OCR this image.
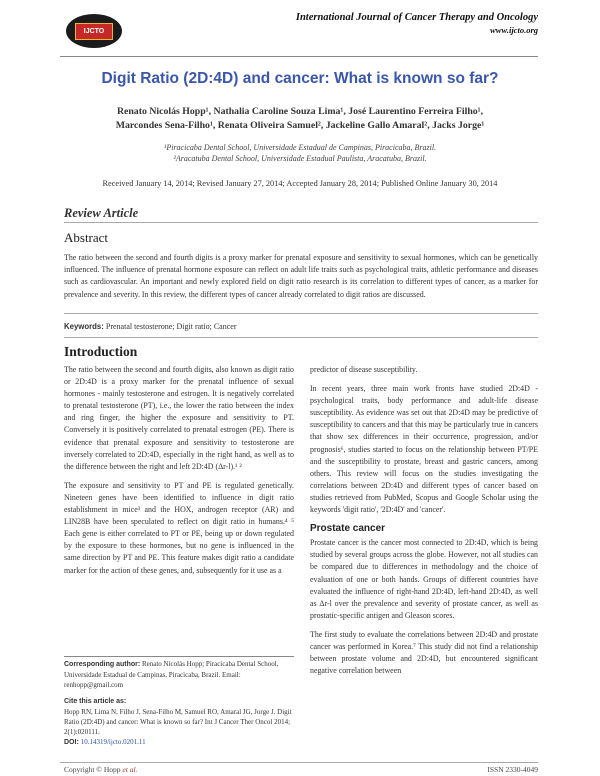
IJCTO
International Journal of Cancer Therapy and Oncology
www.ijcto.org
Digit Ratio (2D:4D) and cancer: What is known so far?
Renato Nicolás Hopp¹, Nathalia Caroline Souza Lima¹, José Laurentino Ferreira Filho¹,
Marcondes Sena-Filho¹, Renata Oliveira Samuel², Jackeline Gallo Amaral², Jacks Jorge¹
¹Piracicaba Dental School, Universidade Estadual de Campinas, Piracicaba, Brazil.
²Aracatuba Dental School, Universidade Estadual Paulista, Aracatuba, Brazil.
Received January 14, 2014; Revised January 27, 2014; Accepted January 28, 2014; Published Online January 30, 2014
Review Article
Abstract
The ratio between the second and fourth digits is a proxy marker for prenatal exposure and sensitivity to sexual hormones, which can be genetically influenced. The influence of prenatal hormone exposure can reflect on adult life traits such as psychological traits, athletic performance and diseases such as cardiovascular. An important and newly explored field on digit ratio research is its correlation to different types of cancer, as a marker for prevalence and severity. In this review, the different types of cancer already correlated to digit ratios are discussed.
Keywords: Prenatal testosterone; Digit ratio; Cancer
Introduction

The ratio between the second and fourth digits, also known as digit ratio or 2D:4D is a proxy marker for the prenatal influence of sexual hormones - mainly testosterone and estrogen. It is negatively correlated to prenatal testosterone (PT), i.e., the lower the ratio between the index and ring finger, the higher the exposure and sensitivity to PT. Conversely it is positively correlated to prenatal estrogen (PE). There is evidence that prenatal exposure and sensitivity to testosterone are inversely correlated to 2D:4D, especially in the right hand, as well as to the difference between the right and left 2D:4D (Δr-l).¹ ²

The exposure and sensitivity to PT and PE is regulated genetically. Nineteen genes have been identified to influence in digit ratio establishment in mice³ and the HOX, androgen receptor (AR) and LIN28B have been speculated to reflect on digit ratio in humans.⁴ ⁵ Each gene is either correlated to PT or PE, being up or down regulated by the exposure to these hormones, but no gene is influenced in the same direction by PT and PE. This feature makes digit ratio a candidate marker for the action of these genes, and, subsequently for it use as a

predictor of disease susceptibility.

In recent years, three main work fronts have studied 2D:4D - psychological traits, body performance and adult-life disease susceptibility. As evidence was set out that 2D:4D may be predictive of susceptibility to cancers and that this may be particularly true in cancers that show sex differences in their occurrence, progression, and/or prognosis⁶, studies started to focus on the relationship between PT/PE and the susceptibility to prostate, breast and gastric cancers, among others. This review will focus on the studies investigating the correlations between 2D:4D and different types of cancer based on studies retrieved from PubMed, Scopus and Google Scholar using the keywords 'digit ratio', '2D:4D' and 'cancer'.

Prostate cancer

Prostate cancer is the cancer most connected to 2D:4D, which is being studied by several groups across the globe. However, not all studies can be compared due to differences in methodology and the choice of evaluation of one or both hands. Groups of different countries have evaluated the influence of right-hand 2D:4D, left-hand 2D:4D, as well as Δr-l over the prevalence and severity of prostate cancer, as well as prostatic-specific antigen and Gleason scores.

The first study to evaluate the correlations between 2D:4D and prostate cancer was performed in Korea.⁷ This study did not find a relationship between prostate volume and 2D:4D, but encountered significant negative correlation between

Corresponding author: Renato Nicolás Hopp; Piracicaba Dental School, Universidade Estadual de Campinas, Piracicaba, Brazil. Email: renhopp@gmail.com

Cite this article as:
Hopp RN, Lima N, Filho J, Sena-Filho M, Samuel RO, Amaral JG, Jorge J. Digit Ratio (2D:4D) and cancer: What is known so far? Int J Cancer Ther Oncol 2014; 2(1):020111.
DOI: 10.14319/ijcto.0201.11

Copyright © Hopp et al.	ISSN 2330-4049
